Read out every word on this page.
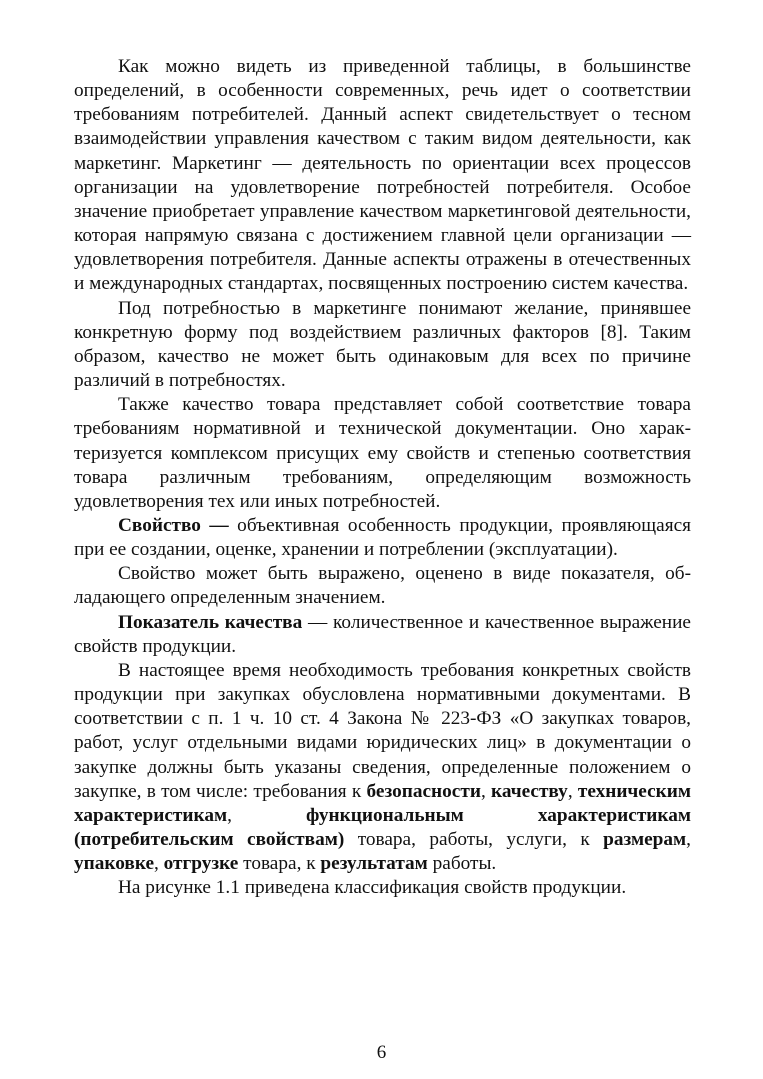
Как можно видеть из приведенной таблицы, в большинстве определений, в особенности современных, речь идет о соответствии требованиям потребителей. Данный аспект свидетельствует о тесном взаимодействии управления качеством с таким видом деятельности, как маркетинг. Маркетинг — деятельность по ориентации всех процессов организации на удовлетворение потребностей потребителя. Особое значение приобретает управление качеством маркетинговой деятельности, которая напрямую связана с достижением главной цели организации — удовлетворения потребителя. Данные аспекты отражены в отечественных и международных стандартах, посвященных построению систем качества.

Под потребностью в маркетинге понимают желание, принявшее конкретную форму под воздействием различных факторов [8]. Таким образом, качество не может быть одинаковым для всех по причине различий в потребностях.

Также качество товара представляет собой соответствие товара требованиям нормативной и технической документации. Оно характеризуется комплексом присущих ему свойств и степенью соответствия товара различным требованиям, определяющим возможность удовлетворения тех или иных потребностей.

Свойство — объективная особенность продукции, проявляющаяся при ее создании, оценке, хранении и потреблении (эксплуатации).

Свойство может быть выражено, оценено в виде показателя, обладающего определенным значением.

Показатель качества — количественное и качественное выражение свойств продукции.

В настоящее время необходимость требования конкретных свойств продукции при закупках обусловлена нормативными документами. В соответствии с п. 1 ч. 10 ст. 4 Закона № 223-ФЗ «О закупках товаров, работ, услуг отдельными видами юридических лиц» в документации о закупке должны быть указаны сведения, определенные положением о закупке, в том числе: требования к безопасности, качеству, техническим характеристикам, функциональным характеристикам (потребительским свойствам) товара, работы, услуги, к размерам, упаковке, отгрузке товара, к результатам работы.

На рисунке 1.1 приведена классификация свойств продукции.

6
